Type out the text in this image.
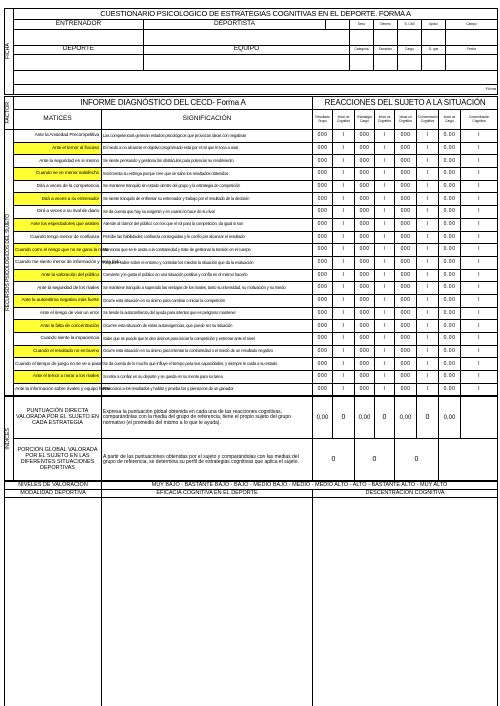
FICHA	CUESTIONARIO PSICOLOGICO DE ESTRATEGIAS COGNITIVAS EN EL DEPORTE. FORMA A							
	ENTRENADOR	DEPORTISTA		Sexo	Género	S. Civil	Aplico	Campo

	DEPORTE	EQUIPO		Categoría	Duración	Cargo	O. que	Fecha

	Firma							
FACTOR	INFORME DIAGNÓSTICO DEL CECD- Forma A		REACCIONES DEL SUJETO A LA SITUACIÓN							
	MATICES	SIGNIFICACIÓN	Resultado Grupo	Inicio cd Cognitivo	Estrategia Cargo	Inicio cd Cognitivo	Ideas cd Cognitivo	Concentración Cognitiva	Inicio cd Cargo	Concentración Cognitiva

RECURSOS PSICOLÓGICOS DEL SUJETO	Ante la Ansiedad Precompetitiva	Las competencias generan estados psicológicos que provocan ideas con negativas	000	I	000	I	000	I	0.00	I
	Ante el temor al fracaso	El miedo a no alcanzar el objetivo programado está por el rol que le toca a usar	000	I	000	I	000	I	0.00	I
	Ante la seguridad en si mismo	Se siente pensando y gestiona los obstáculos para potenciar su rendimiento	000	I	000	I	000	I	0.00	I
	Cuando se ve menor satisfecho	Incrementa su entrega porque cree que se sabe los resultados obtenidos	000	I	000	I	000	I	0.00	I
	Dirá a veces de la competencia	Se mantiene tranquilo sin estado dentro del grupo y la estrategia de competición	000	I	000	I	000	I	0.00	I
	Dirá a veces a su entrenador	Se siente tranquilo de enfrentar su entrenador y trabajo por el resultado de la decisión	000	I	000	I	000	I	0.00	I
	Dirá a veces a su rival de diario	Se da cuenta que hay su exigente y en cuanto lo hace de su rival	000	I	000	I	000	I	0.00	I
	Ante los espectadores que asisten	Atiende al clamor del público con los que el rol para la competición, da igual si son	000	I	000	I	000	I	0.00	I
	Cuando tengo menor de confianza	Percibe las habilidades confianza conseguidas y le confío por alcanzar el resultado	000	I	000	I	000	I	0.00	I
	Cuando corro el riesgo que no se gana la meta	Menciona que se le anota a la contrariedad y trate de gestionar la tensión en el cuerpo	000	I	000	I	000	I	0.00	I
	Cuando me siento menor de información y tenía todo	Requiere saber sobre el entorno y controlar los miedos la situación que da la evaluación	000	I	000	I	000	I	0.00	I
	Ante la valoración del público	Convierte y le gusta el público en una situación positiva y confía en el mismo hacerlo	000	I	000	I	000	I	0.00	I
	Ante la seguridad de los rivales	Se mantiene tranquilo a superado las ventajas de los rivales, tanto su intensidad, su motivación y su miedo	000	I	000	I	000	I	0.00	I
	Ante la autoestima negativa más fuerte	Ocurre esta situación en su ánimo para cambiar o iniciar la competición	000	I	000	I	000	I	0.00	I
	Ante el riesgo de vivir un error	Se tiende la autoconfianza del ayuda para intentar que es peligroso mantener	000	I	000	I	000	I	0.00	I
	Ante la falta de concentración	Ocurren esta situación de estas autoexigencias, que puede ser su situación	000	I	000	I	000	I	0.00	I
	Cuando siente la impaciencia	Sabe que se puede que le den ánimos para iniciar la competición y entrenar ante el nivel	000	I	000	I	000	I	0.00	I
	Cuando el resultado no es bueno	Ocurre esta situación en su ánimo para intentar la contrariedad o el miedo de un resultado negativo	000	I	000	I	000	I	0.00	I
	Cuando el tiempo de juego no se ve a pasar	Se da cuenta de lo mucho que influye el tiempo para sus capacidades, y siempre le cuida a su estado	000	I	000	I	000	I	0.00	I
	Ante el temor a mirar a los rivales	Si retira a confiar en su deporte y se queda en su mente para su tarea	000	I	000	I	000	I	0.00	I
	Ante la información sobre rivales y equipo fuerte	Reacciona a los resultados y hablar y prueba los y piensa los de un ganador	000	I	000	I	000	I	0.00	I
ÍNDICES	PUNTUACIÓN DIRECTA VALORADA POR EL SUJETO EN CADA ESTRATEGIA	Expresa la puntuación global obtenida en cada una de las reacciones cognitivas, comparándolas con la media del grupo de referencia, tiene el propio sujeto del grupo normativo (el promedio del mismo a lo que le ayuda).	0,00	0	0,00	0	0,00	0	0,00	
	PORCIÓN GLOBAL VALORADA POR EL SUJETO EN LAS DIFERENTES SITUACIONES DEPORTIVAS	A partir de las puntuaciones obtenidas por el sujeto y comparándolas con las medias del grupo de referencia, se determina su perfil de estrategias cognitivas que aplica el sujeto.	0		0		0			
NIVELES DE VALORACIÓN	MUY BAJO - BASTANTE BAJO - BAJO - MEDIO BAJO - MEDIO - MEDIO ALTO - ALTO - BASTANTE ALTO - MUY ALTO	
MODALIDAD DEPORTIVA	EFICACIA COGNITIVA EN EL DEPORTE	DESCENTRACIÓN COGNITIVA
